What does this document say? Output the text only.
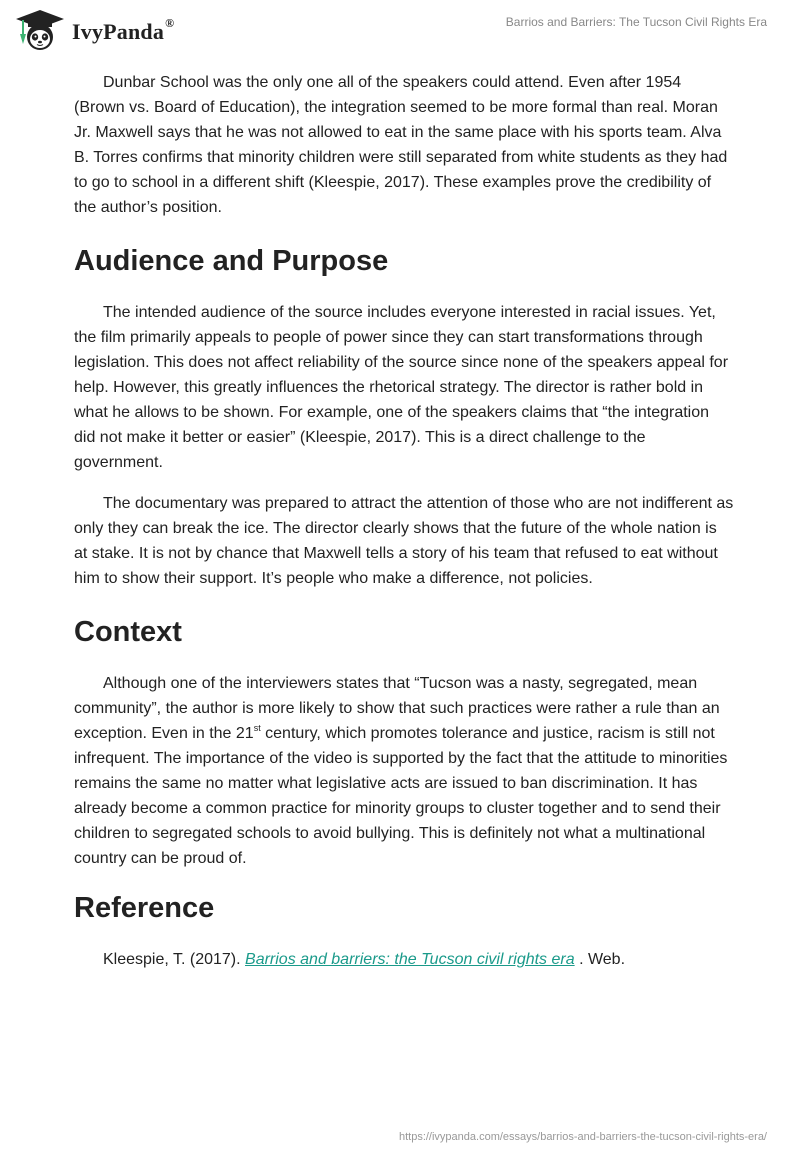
IvyPanda®	Barrios and Barriers: The Tucson Civil Rights Era

Dunbar School was the only one all of the speakers could attend. Even after 1954 (Brown vs. Board of Education), the integration seemed to be more formal than real. Moran Jr. Maxwell says that he was not allowed to eat in the same place with his sports team. Alva B. Torres confirms that minority children were still separated from white students as they had to go to school in a different shift (Kleespie, 2017). These examples prove the credibility of the author’s position.

Audience and Purpose

The intended audience of the source includes everyone interested in racial issues. Yet, the film primarily appeals to people of power since they can start transformations through legislation. This does not affect reliability of the source since none of the speakers appeal for help. However, this greatly influences the rhetorical strategy. The director is rather bold in what he allows to be shown. For example, one of the speakers claims that “the integration did not make it better or easier” (Kleespie, 2017). This is a direct challenge to the government.

The documentary was prepared to attract the attention of those who are not indifferent as only they can break the ice. The director clearly shows that the future of the whole nation is at stake. It is not by chance that Maxwell tells a story of his team that refused to eat without him to show their support. It’s people who make a difference, not policies.

Context

Although one of the interviewers states that “Tucson was a nasty, segregated, mean community”, the author is more likely to show that such practices were rather a rule than an exception. Even in the 21st century, which promotes tolerance and justice, racism is still not infrequent. The importance of the video is supported by the fact that the attitude to minorities remains the same no matter what legislative acts are issued to ban discrimination. It has already become a common practice for minority groups to cluster together and to send their children to segregated schools to avoid bullying. This is definitely not what a multinational country can be proud of.

Reference

Kleespie, T. (2017). Barrios and barriers: the Tucson civil rights era . Web.

https://ivypanda.com/essays/barrios-and-barriers-the-tucson-civil-rights-era/
